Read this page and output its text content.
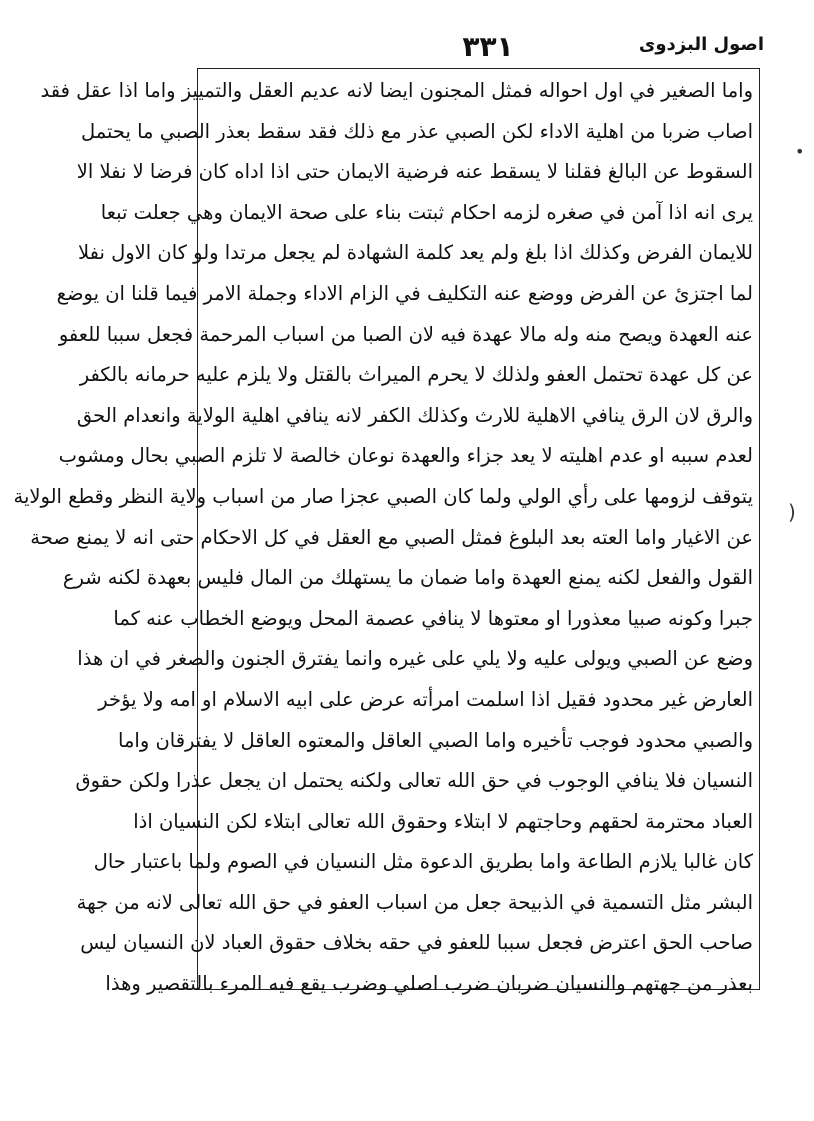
٣٣١	اصول البزدوی
•
)
واما الصغير في اول احواله فمثل المجنون ايضا لانه عديم العقل والتمييز واما اذا عقل فقد
اصاب ضربا من اهلية الاداء لكن الصبي عذر مع ذلك فقد سقط بعذر الصبي ما يحتمل
السقوط عن البالغ فقلنا لا يسقط عنه فرضية الايمان حتى اذا اداه كان فرضا لا نفلا الا
يرى انه اذا آمن في صغره لزمه احكام ثبتت بناء على صحة الايمان وهي جعلت تبعا
للايمان الفرض وكذلك اذا بلغ ولم يعد كلمة الشهادة لم يجعل مرتدا ولو كان الاول نفلا
لما اجتزئ عن الفرض ووضع عنه التكليف في الزام الاداء وجملة الامر فيما قلنا ان يوضع
عنه العهدة ويصح منه وله مالا عهدة فيه لان الصبا من اسباب المرحمة فجعل سببا للعفو
عن كل عهدة تحتمل العفو ولذلك لا يحرم الميراث بالقتل ولا يلزم عليه حرمانه بالكفر
والرق لان الرق ينافي الاهلية للارث وكذلك الكفر لانه ينافي اهلية الولاية وانعدام الحق
لعدم سببه او عدم اهليته لا يعد جزاء والعهدة نوعان خالصة لا تلزم الصبي بحال ومشوب
يتوقف لزومها على رأي الولي ولما كان الصبي عجزا صار من اسباب ولاية النظر وقطع الولاية
عن الاغيار واما العته بعد البلوغ فمثل الصبي مع العقل في كل الاحكام حتى انه لا يمنع صحة
القول والفعل لكنه يمنع العهدة واما ضمان ما يستهلك من المال فليس بعهدة لكنه شرع
جبرا وكونه صبيا معذورا او معتوها لا ينافي عصمة المحل ويوضع الخطاب عنه كما
وضع عن الصبي ويولى عليه ولا يلي على غيره وانما يفترق الجنون والصغر في ان هذا
العارض غير محدود فقيل اذا اسلمت امرأته عرض على ابيه الاسلام او امه ولا يؤخر
والصبي محدود فوجب تأخيره واما الصبي العاقل والمعتوه العاقل لا يفترقان واما
النسيان فلا ينافي الوجوب في حق الله تعالى ولكنه يحتمل ان يجعل عذرا ولكن حقوق
العباد محترمة لحقهم وحاجتهم لا ابتلاء وحقوق الله تعالى ابتلاء لكن النسيان اذا
كان غالبا يلازم الطاعة واما بطريق الدعوة مثل النسيان في الصوم ولما باعتبار حال
البشر مثل التسمية في الذبيحة جعل من اسباب العفو في حق الله تعالى لانه من جهة
صاحب الحق اعترض فجعل سببا للعفو في حقه بخلاف حقوق العباد لان النسيان ليس
بعذر من جهتهم والنسيان ضربان ضرب اصلي وضرب يقع فيه المرء بالتقصير وهذا
